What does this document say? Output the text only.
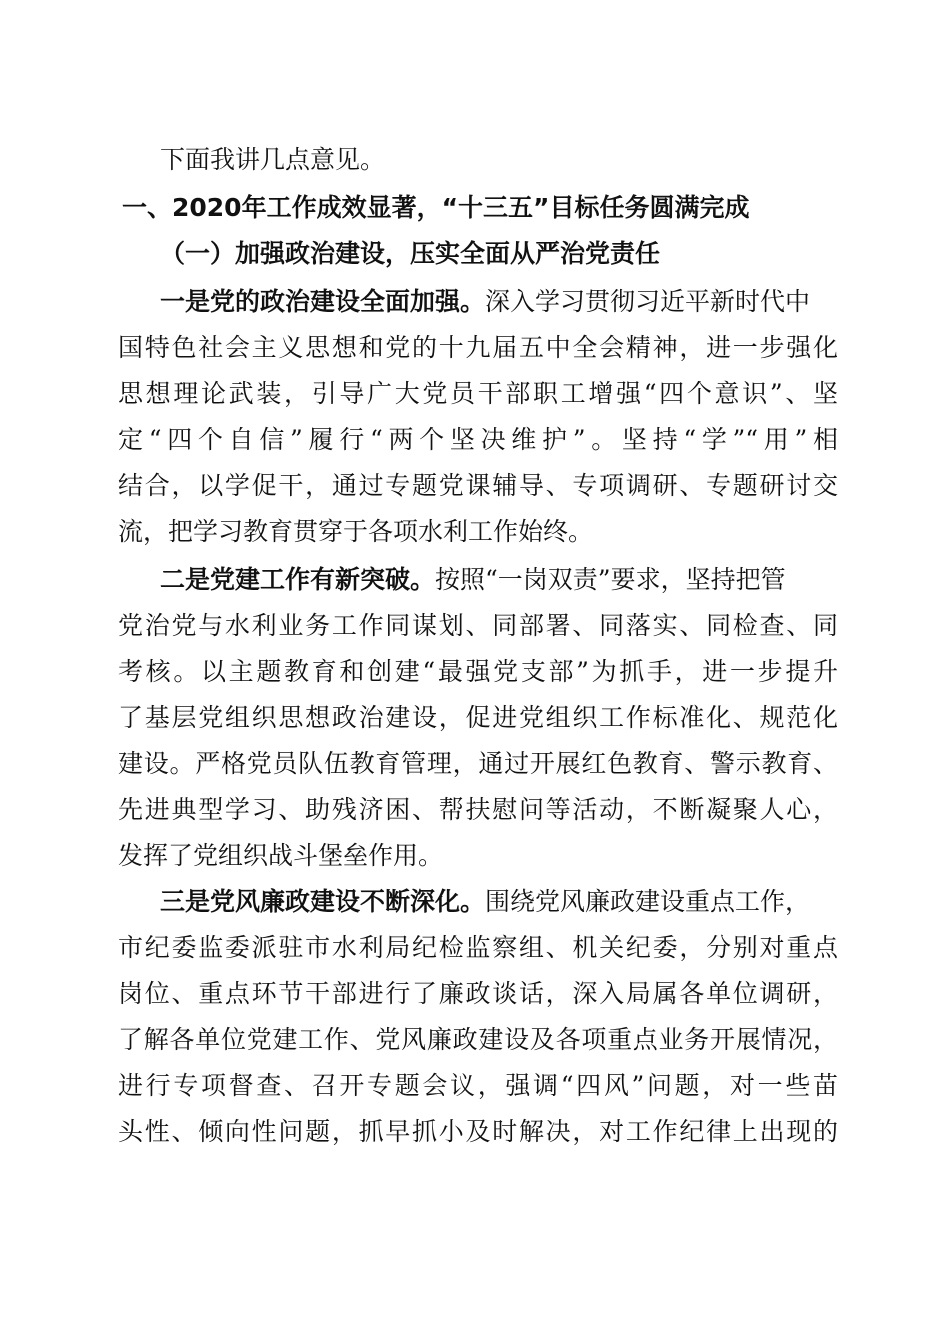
下面我讲几点意见。
一、2020年工作成效显著，“十三五”目标任务圆满完成
（一）加强政治建设，压实全面从严治党责任
一是党的政治建设全面加强。深入学习贯彻习近平新时代中
国特色社会主义思想和党的十九届五中全会精神，进一步强化
思想理论武装，引导广大党员干部职工增强“四个意识”、坚
定“四个自信”履行“两个坚决维护”。坚持“学”“用”相
结合，以学促干，通过专题党课辅导、专项调研、专题研讨交
流，把学习教育贯穿于各项水利工作始终。
二是党建工作有新突破。按照“一岗双责”要求，坚持把管
党治党与水利业务工作同谋划、同部署、同落实、同检查、同
考核。以主题教育和创建“最强党支部”为抓手，进一步提升
了基层党组织思想政治建设，促进党组织工作标准化、规范化
建设。严格党员队伍教育管理，通过开展红色教育、警示教育、
先进典型学习、助残济困、帮扶慰问等活动，不断凝聚人心，
发挥了党组织战斗堡垒作用。
三是党风廉政建设不断深化。围绕党风廉政建设重点工作，
市纪委监委派驻市水利局纪检监察组、机关纪委，分别对重点
岗位、重点环节干部进行了廉政谈话，深入局属各单位调研，
了解各单位党建工作、党风廉政建设及各项重点业务开展情况，
进行专项督查、召开专题会议，强调“四风”问题，对一些苗
头性、倾向性问题，抓早抓小及时解决，对工作纪律上出现的
